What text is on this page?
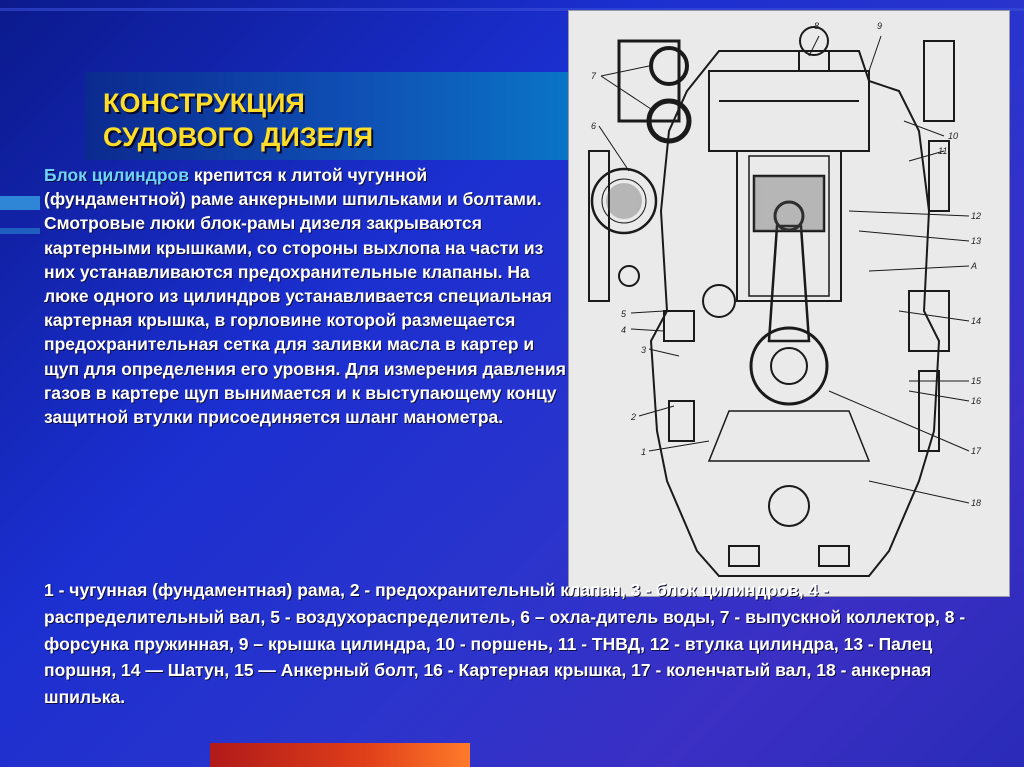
КОНСТРУКЦИЯ
СУДОВОГО ДИЗЕЛЯ
7
6
5
4
3
2
1
8	9
10
11
12
13
A
14
15
16
17
18
Блок цилиндров крепится к литой чугунной (фундаментной) раме анкерными шпильками и болтами. Смотровые люки блок-рамы дизеля закрываются картерными крышками, со стороны выхлопа на части из них устанавливаются предохранительные клапаны. На люке одного из цилиндров устанавливается специальная картерная крышка, в горловине которой размещается предохранительная сетка для заливки масла в картер и щуп для определения его уровня. Для измерения давления газов в картере щуп вынимается и к выступающему концу защитной втулки присоединяется шланг манометра.
1 - чугунная (фундаментная) рама, 2 - предохранительный клапан, 3 - блок цилиндров, 4 - распределительный вал, 5 - воздухораспределитель, 6 – охла-дитель воды, 7 - выпускной коллектор, 8 - форсунка пружинная, 9 – крышка цилиндра, 10 - поршень, 11 - ТНВД, 12 - втулка цилиндра, 13 - Палец поршня, 14 — Шатун, 15 — Анкерный болт, 16 - Картерная крышка, 17 - коленчатый вал, 18 - анкерная шпилька.
